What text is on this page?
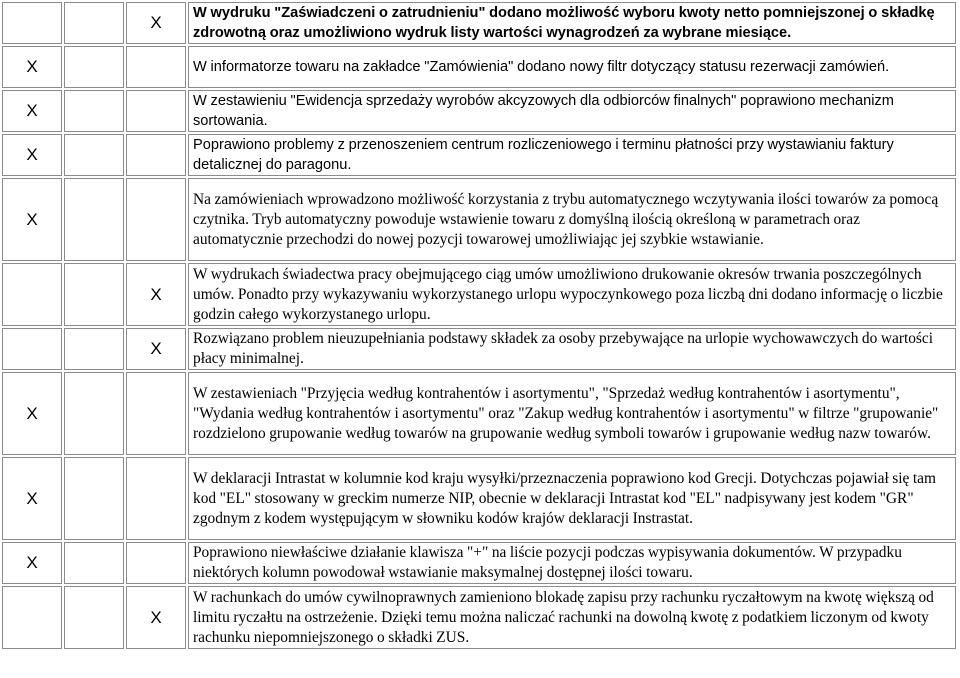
		X	W wydruku "Zaświadczeni o zatrudnieniu" dodano możliwość wyboru kwoty netto pomniejszonej o składkę zdrowotną oraz umożliwiono wydruk listy wartości wynagrodzeń za wybrane miesiące.
X			W informatorze towaru na zakładce "Zamówienia" dodano nowy filtr dotyczący statusu rezerwacji zamówień.
X			W zestawieniu "Ewidencja sprzedaży wyrobów akcyzowych dla odbiorców finalnych" poprawiono mechanizm sortowania.
X			Poprawiono problemy z przenoszeniem centrum rozliczeniowego i terminu płatności przy wystawianiu faktury detalicznej do paragonu.
X			Na zamówieniach wprowadzono możliwość korzystania z trybu automatycznego wczytywania ilości towarów za pomocą czytnika. Tryb automatyczny powoduje wstawienie towaru z domyślną ilością określoną w parametrach oraz automatycznie przechodzi do nowej pozycji towarowej umożliwiając jej szybkie wstawianie.
		X	W wydrukach świadectwa pracy obejmującego ciąg umów umożliwiono drukowanie okresów trwania poszczególnych umów. Ponadto przy wykazywaniu wykorzystanego urlopu wypoczynkowego poza liczbą dni dodano informację o liczbie godzin całego wykorzystanego urlopu.
		X	Rozwiązano problem nieuzupełniania podstawy składek za osoby przebywające na urlopie wychowawczych do wartości płacy minimalnej.
X			W zestawieniach "Przyjęcia według kontrahentów i asortymentu", "Sprzedaż według kontrahentów i asortymentu", "Wydania według kontrahentów i asortymentu" oraz "Zakup według kontrahentów i asortymentu" w filtrze "grupowanie" rozdzielono grupowanie według towarów na grupowanie według symboli towarów i grupowanie według nazw towarów.
X			W deklaracji Intrastat w kolumnie kod kraju wysyłki/przeznaczenia poprawiono kod Grecji. Dotychczas pojawiał się tam kod "EL" stosowany w greckim numerze NIP, obecnie w deklaracji Intrastat kod "EL" nadpisywany jest kodem "GR" zgodnym z kodem występującym w słowniku kodów krajów deklaracji Instrastat.
X			Poprawiono niewłaściwe działanie klawisza "+" na liście pozycji podczas wypisywania dokumentów. W przypadku niektórych kolumn powodował wstawianie maksymalnej dostępnej ilości towaru.
		X	W rachunkach do umów cywilnoprawnych zamieniono blokadę zapisu przy rachunku ryczałtowym na kwotę większą od limitu ryczałtu na ostrzeżenie. Dzięki temu można naliczać rachunki na dowolną kwotę z podatkiem liczonym od kwoty rachunku niepomniejszonego o składki ZUS.
